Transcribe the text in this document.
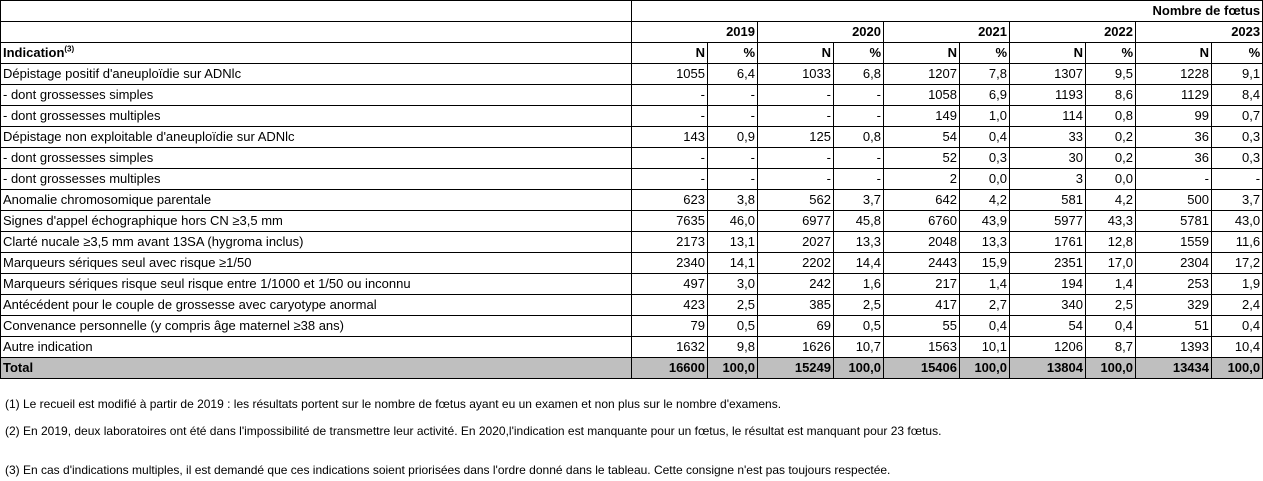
	Nombre de fœtus									
	2019		2020		2021		2022		2023	
Indication$^{(3)}$	N	%	N	%	N	%	N	%	N	%
Dépistage positif d'aneuploïdie sur ADNlc	1055	6,4	1033	6,8	1207	7,8	1307	9,5	1228	9,1
- dont grossesses simples	-	-	-	-	1058	6,9	1193	8,6	1129	8,4
- dont grossesses multiples	-	-	-	-	149	1,0	114	0,8	99	0,7
Dépistage non exploitable d'aneuploïdie sur ADNlc	143	0,9	125	0,8	54	0,4	33	0,2	36	0,3
- dont grossesses simples	-	-	-	-	52	0,3	30	0,2	36	0,3
- dont grossesses multiples	-	-	-	-	2	0,0	3	0,0	-	-
Anomalie chromosomique parentale	623	3,8	562	3,7	642	4,2	581	4,2	500	3,7
Signes d'appel échographique hors CN ≥3,5 mm	7635	46,0	6977	45,8	6760	43,9	5977	43,3	5781	43,0
Clarté nucale ≥3,5 mm avant 13SA (hygroma inclus)	2173	13,1	2027	13,3	2048	13,3	1761	12,8	1559	11,6
Marqueurs sériques seul avec risque ≥1/50	2340	14,1	2202	14,4	2443	15,9	2351	17,0	2304	17,2
Marqueurs sériques risque seul risque entre 1/1000 et 1/50 ou inconnu	497	3,0	242	1,6	217	1,4	194	1,4	253	1,9
Antécédent pour le couple de grossesse avec caryotype anormal	423	2,5	385	2,5	417	2,7	340	2,5	329	2,4
Convenance personnelle (y compris âge maternel ≥38 ans)	79	0,5	69	0,5	55	0,4	54	0,4	51	0,4
Autre indication	1632	9,8	1626	10,7	1563	10,1	1206	8,7	1393	10,4
Total	16600	100,0	15249	100,0	15406	100,0	13804	100,0	13434	100,0
(1) Le recueil est modifié à partir de 2019 : les résultats portent sur le nombre de fœtus ayant eu un examen et non plus sur le nombre d'examens.
(2) En 2019, deux laboratoires ont été dans l'impossibilité de transmettre leur activité. En 2020,l'indication est manquante pour un fœtus, le résultat est manquant pour 23 fœtus.
(3) En cas d'indications multiples, il est demandé que ces indications soient priorisées dans l'ordre donné dans le tableau. Cette consigne n'est pas toujours respectée.
